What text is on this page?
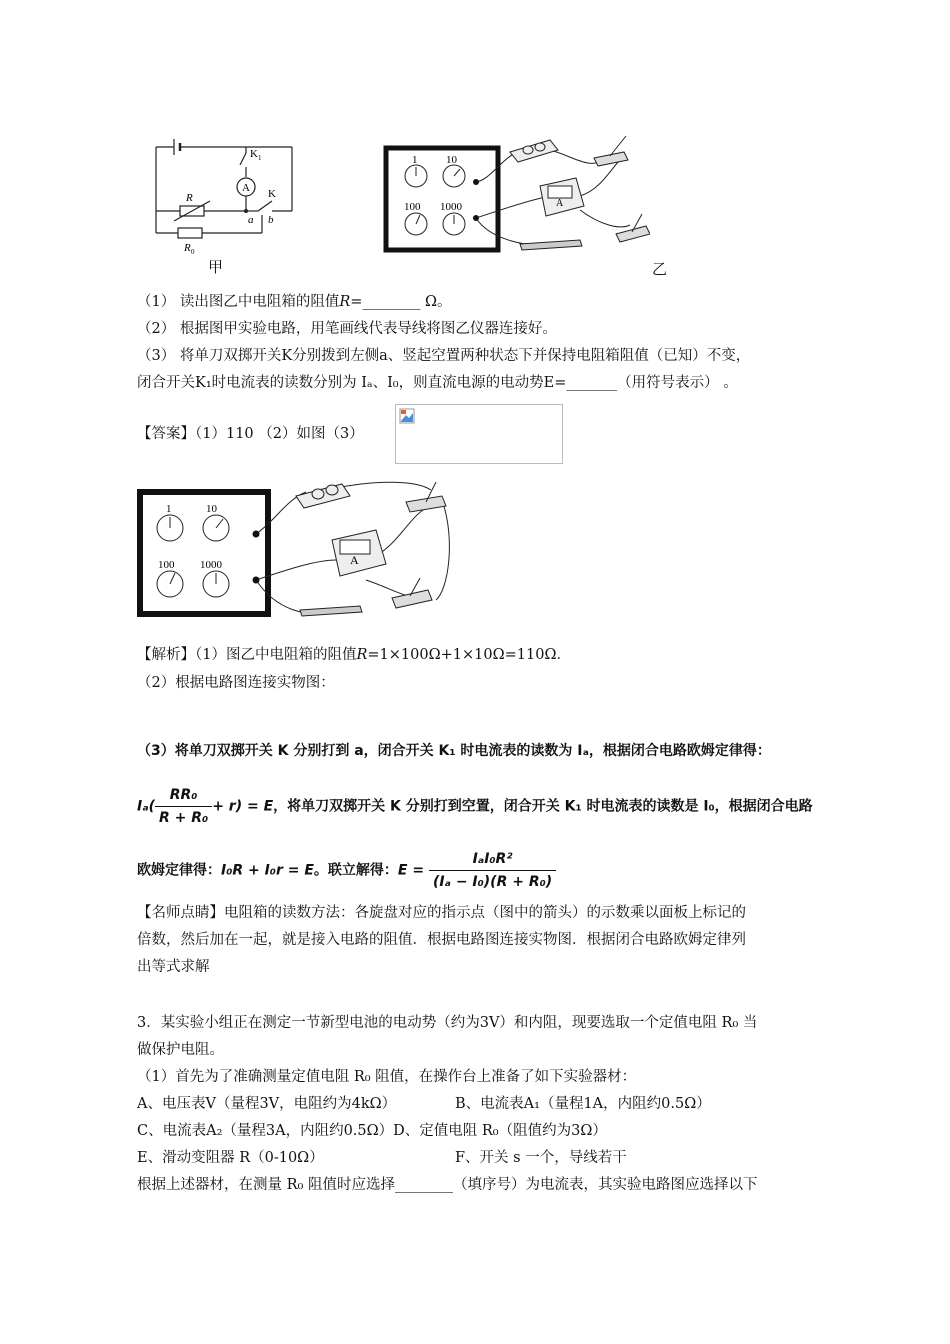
K 1
A
R	K
a b
R 0
甲
1	10
100 1000	A
乙
（1） 读出图乙中电阻箱的阻值R=________ Ω。
（2） 根据图甲实验电路，用笔画线代表导线将图乙仪器连接好。
（3） 将单刀双掷开关K分别拨到左侧a、竖起空置两种状态下并保持电阻箱阻值（已知）不变，
闭合开关K₁时电流表的读数分别为 Iₐ、I₀，则直流电源的电动势E=_______（用符号表示） 。
【答案】（1）110 （2）如图（3）
1	10
100 1000	A
【解析】（1）图乙中电阻箱的阻值R=1×100Ω+1×10Ω=110Ω．
（2）根据电路图连接实物图：
（3）将单刀双掷开关 K 分别打到 a，闭合开关 K₁ 时电流表的读数为 Iₐ，根据闭合电路欧姆定律得：
$I_a( \frac{\text{RR₀}}{\text{R + R₀}} + r) = E$，将单刀双掷开关 K 分别打到空置，闭合开关 K₁ 时电流表的读数是 I₀，根据闭合电路
欧姆定律得：I₀R + I₀r = E。联立解得：$E = \frac{\text{IₐI₀R²}}{\text{(Iₐ − I₀)(R + R₀)}}$
【名师点睛】电阻箱的读数方法：各旋盘对应的指示点（图中的箭头）的示数乘以面板上标记的
倍数，然后加在一起，就是接入电路的阻值．根据电路图连接实物图．根据闭合电路欧姆定律列
出等式求解
3．某实验小组正在测定一节新型电池的电动势（约为3V）和内阻，现要选取一个定值电阻 R₀ 当
做保护电阻。
（1）首先为了准确测量定值电阻 R₀ 阻值，在操作台上准备了如下实验器材：
A、电压表V（量程3V，电阻约为4kΩ）	B、电流表A₁（量程1A，内阻约0.5Ω）
C、电流表A₂（量程3A，内阻约0.5Ω）D、定值电阻 R₀（阻值约为3Ω）
E、滑动变阻器 R（0-10Ω）	F、开关 s 一个，导线若干
根据上述器材，在测量 R₀ 阻值时应选择________（填序号）为电流表，其实验电路图应选择以下
